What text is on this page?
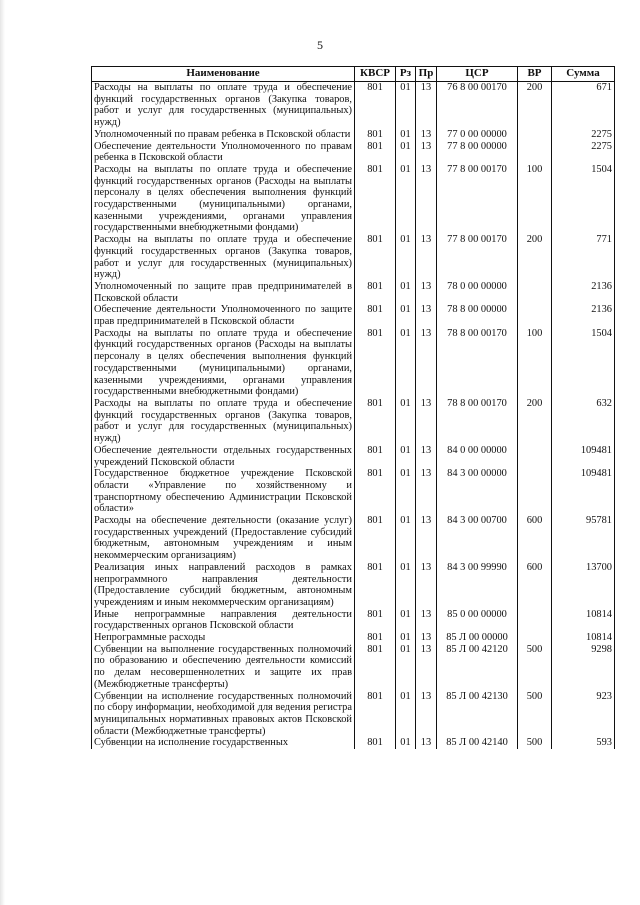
5
Наименование	КВСР	Рз	Пр	ЦСР	ВР	Сумма
Расходы на выплаты по оплате труда и обеспечение функций государственных органов (Закупка товаров, работ и услуг для государственных (муниципальных) нужд)	801	01	13	76 8 00 00170	200	671
Уполномоченный по правам ребенка в Псковской области	801	01	13	77 0 00 00000		2275
Обеспечение деятельности Уполномоченного по правам ребенка в Псковской области	801	01	13	77 8 00 00000		2275
Расходы на выплаты по оплате труда и обеспечение функций государственных органов (Расходы на выплаты персоналу в целях обеспечения выполнения функций государственными (муниципальными) органами, казенными учреждениями, органами управления государственными внебюджетными фондами)	801	01	13	77 8 00 00170	100	1504
Расходы на выплаты по оплате труда и обеспечение функций государственных органов (Закупка товаров, работ и услуг для государственных (муниципальных) нужд)	801	01	13	77 8 00 00170	200	771
Уполномоченный по защите прав предпринимателей в Псковской области	801	01	13	78 0 00 00000		2136
Обеспечение деятельности Уполномоченного по защите прав предпринимателей в Псковской области	801	01	13	78 8 00 00000		2136
Расходы на выплаты по оплате труда и обеспечение функций государственных органов (Расходы на выплаты персоналу в целях обеспечения выполнения функций государственными (муниципальными) органами, казенными учреждениями, органами управления государственными внебюджетными фондами)	801	01	13	78 8 00 00170	100	1504
Расходы на выплаты по оплате труда и обеспечение функций государственных органов (Закупка товаров, работ и услуг для государственных (муниципальных) нужд)	801	01	13	78 8 00 00170	200	632
Обеспечение деятельности отдельных государственных учреждений Псковской области	801	01	13	84 0 00 00000		109481
Государственное бюджетное учреждение Псковской области «Управление по хозяйственному и транспортному обеспечению Администрации Псковской области»	801	01	13	84 3 00 00000		109481
Расходы на обеспечение деятельности (оказание услуг) государственных учреждений (Предоставление субсидий бюджетным, автономным учреждениям и иным некоммерческим организациям)	801	01	13	84 3 00 00700	600	95781
Реализация иных направлений расходов в рамках непрограммного направления деятельности (Предоставление субсидий бюджетным, автономным учреждениям и иным некоммерческим организациям)	801	01	13	84 3 00 99990	600	13700
Иные непрограммные направления деятельности государственных органов Псковской области	801	01	13	85 0 00 00000		10814
Непрограммные расходы	801	01	13	85 Л 00 00000		10814
Субвенции на выполнение государственных полномочий по образованию и обеспечению деятельности комиссий по делам несовершеннолетних и защите их прав (Межбюджетные трансферты)	801	01	13	85 Л 00 42120	500	9298
Субвенции на исполнение государственных полномочий по сбору информации, необходимой для ведения регистра муниципальных нормативных правовых актов Псковской области (Межбюджетные трансферты)	801	01	13	85 Л 00 42130	500	923
Субвенции на исполнение государственных	801	01	13	85 Л 00 42140	500	593
